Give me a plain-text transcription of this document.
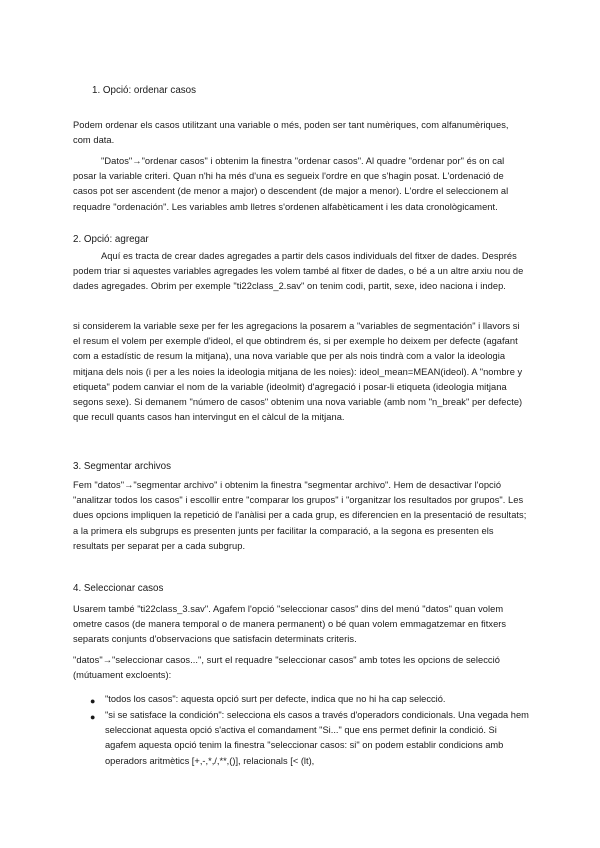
1. Opció: ordenar casos

Podem ordenar els casos utilitzant una variable o més, poden ser tant numèriques, com alfanumèriques, com data.

"Datos"→"ordenar casos" i obtenim la finestra "ordenar casos". Al quadre "ordenar por" és on cal posar la variable criteri. Quan n'hi ha més d'una es segueix l'ordre en que s'hagin posat. L'ordenació de casos pot ser ascendent (de menor a major) o descendent (de major a menor). L'ordre el seleccionem al requadre "ordenación". Les variables amb lletres s'ordenen alfabèticament i les data cronològicament.

2. Opció: agregar

Aquí es tracta de crear dades agregades a partir dels casos individuals del fitxer de dades. Després podem triar si aquestes variables agregades les volem també al fitxer de dades, o bé a un altre arxiu nou de dades agregades. Obrim per exemple "ti22class_2.sav" on tenim codi, partit, sexe, ideo naciona i indep.

si considerem la variable sexe per fer les agregacions la posarem a "variables de segmentación" i llavors si el resum el volem per exemple d'ideol, el que obtindrem és, si per exemple ho deixem per defecte (agafant com a estadístic de resum la mitjana), una nova variable que per als nois tindrà com a valor la ideologia mitjana dels nois (i per a les noies la ideologia mitjana de les noies): ideol_mean=MEAN(ideol). A "nombre y etiqueta" podem canviar el nom de la variable (ideolmit) d'agregació i posar-li etiqueta (ideologia mitjana segons sexe). Si demanem "número de casos" obtenim una nova variable (amb nom "n_break" per defecte) que recull quants casos han intervingut en el càlcul de la mitjana.

3. Segmentar archivos

Fem "datos"→"segmentar archivo" i obtenim la finestra "segmentar archivo". Hem de desactivar l'opció "analitzar todos los casos" i escollir entre "comparar los grupos" i "organitzar los resultados por grupos". Les dues opcions impliquen la repetició de l'anàlisi per a cada grup, es diferencien en la presentació de resultats; a la primera els subgrups es presenten junts per facilitar la comparació, a la segona es presenten els resultats per separat per a cada subgrup.

4. Seleccionar casos

Usarem també "ti22class_3.sav". Agafem l'opció "seleccionar casos" dins del menú "datos" quan volem ometre casos (de manera temporal o de manera permanent) o bé quan volem emmagatzemar en fitxers separats conjunts d'observacions que satisfacin determinats criteris.

"datos"→"seleccionar casos...", surt el requadre "seleccionar casos" amb totes les opcions de selecció (mútuament excloents):

● "todos los casos": aquesta opció surt per defecte, indica que no hi ha cap selecció.

● "si se satisface la condición": selecciona els casos a través d'operadors condicionals. Una vegada hem seleccionat aquesta opció s'activa el comandament "Si..." que ens permet definir la condició. Si agafem aquesta opció tenim la finestra "seleccionar casos: si" on podem establir condicions amb operadors aritmètics [+,-,*,/,**,()], relacionals [< (lt),
